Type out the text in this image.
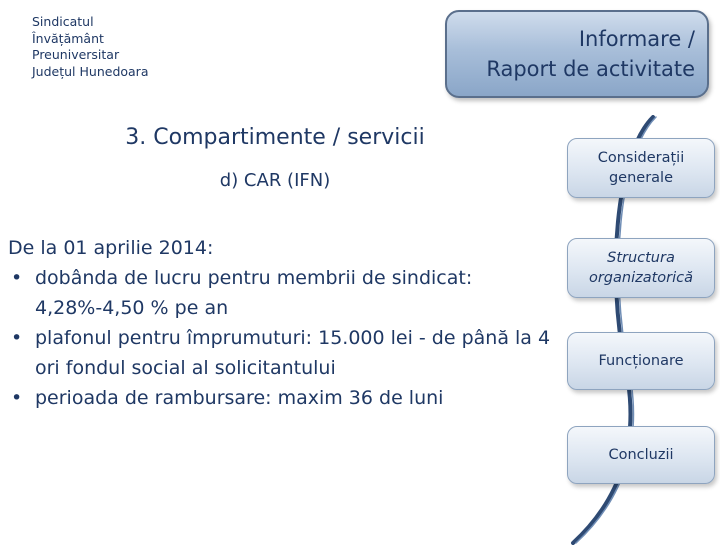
Sindicatul
Învățământ
Preuniversitar
Județul Hunedoara
Informare /
Raport de activitate
3. Compartimente / servicii
d) CAR (IFN)
De la 01 aprilie 2014:
• dobânda de lucru pentru membrii de sindicat: 4,28%-4,50 % pe an
• plafonul pentru împrumuturi: 15.000 lei - de până la 4 ori fondul social al solicitantului
• perioada de rambursare: maxim 36 de luni
Considerații
generale
Structura
organizatorică
Funcționare
Concluzii
